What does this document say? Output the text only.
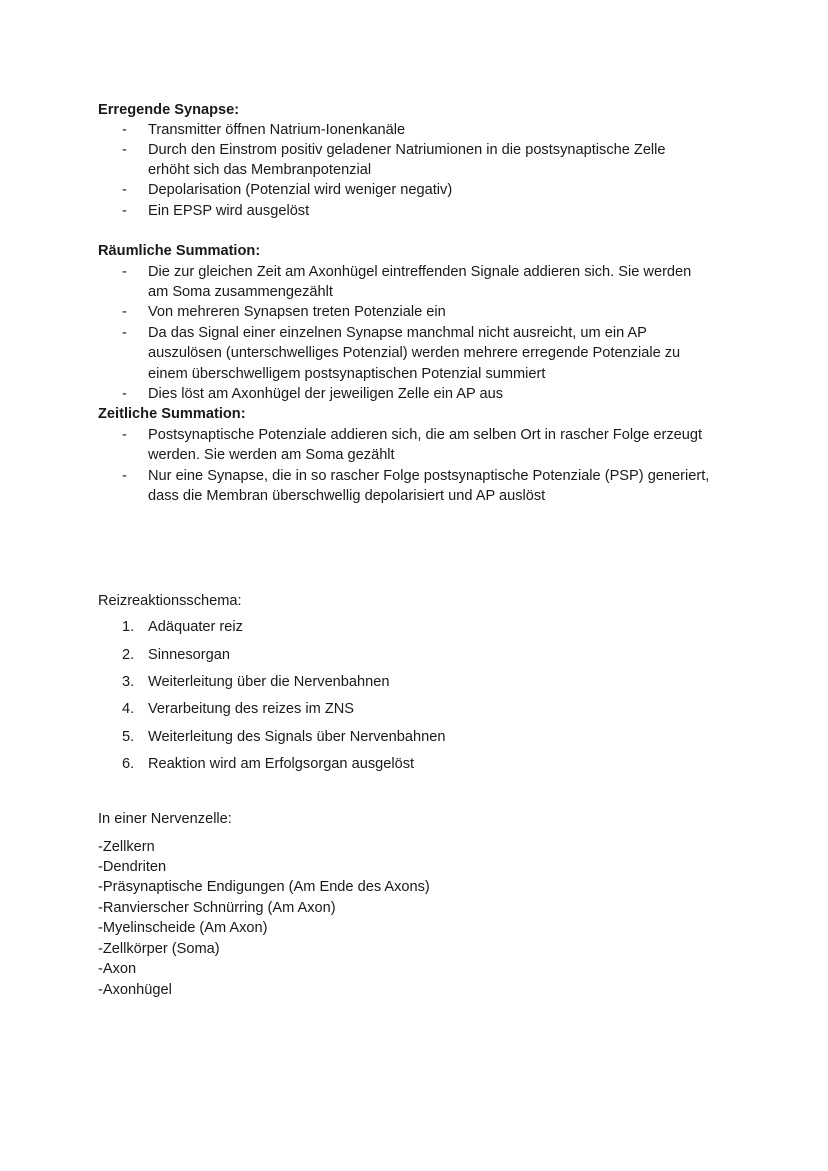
Erregende Synapse:
- Transmitter öffnen Natrium-Ionenkanäle
- Durch den Einstrom positiv geladener Natriumionen in die postsynaptische Zelle
erhöht sich das Membranpotenzial
- Depolarisation (Potenzial wird weniger negativ)
- Ein EPSP wird ausgelöst
Räumliche Summation:
- Die zur gleichen Zeit am Axonhügel eintreffenden Signale addieren sich. Sie werden
am Soma zusammengezählt
- Von mehreren Synapsen treten Potenziale ein
- Da das Signal einer einzelnen Synapse manchmal nicht ausreicht, um ein AP
auszulösen (unterschwelliges Potenzial) werden mehrere erregende Potenziale zu
einem überschwelligem postsynaptischen Potenzial summiert
- Dies löst am Axonhügel der jeweiligen Zelle ein AP aus
Zeitliche Summation:
- Postsynaptische Potenziale addieren sich, die am selben Ort in rascher Folge erzeugt
werden. Sie werden am Soma gezählt
- Nur eine Synapse, die in so rascher Folge postsynaptische Potenziale (PSP) generiert,
dass die Membran überschwellig depolarisiert und AP auslöst
Reizreaktionsschema:
1. Adäquater reiz
2. Sinnesorgan
3. Weiterleitung über die Nervenbahnen
4. Verarbeitung des reizes im ZNS
5. Weiterleitung des Signals über Nervenbahnen
6. Reaktion wird am Erfolgsorgan ausgelöst
In einer Nervenzelle:
-Zellkern
-Dendriten
-Präsynaptische Endigungen (Am Ende des Axons)
-Ranvierscher Schnürring (Am Axon)
-Myelinscheide (Am Axon)
-Zellkörper (Soma)
-Axon
-Axonhügel
